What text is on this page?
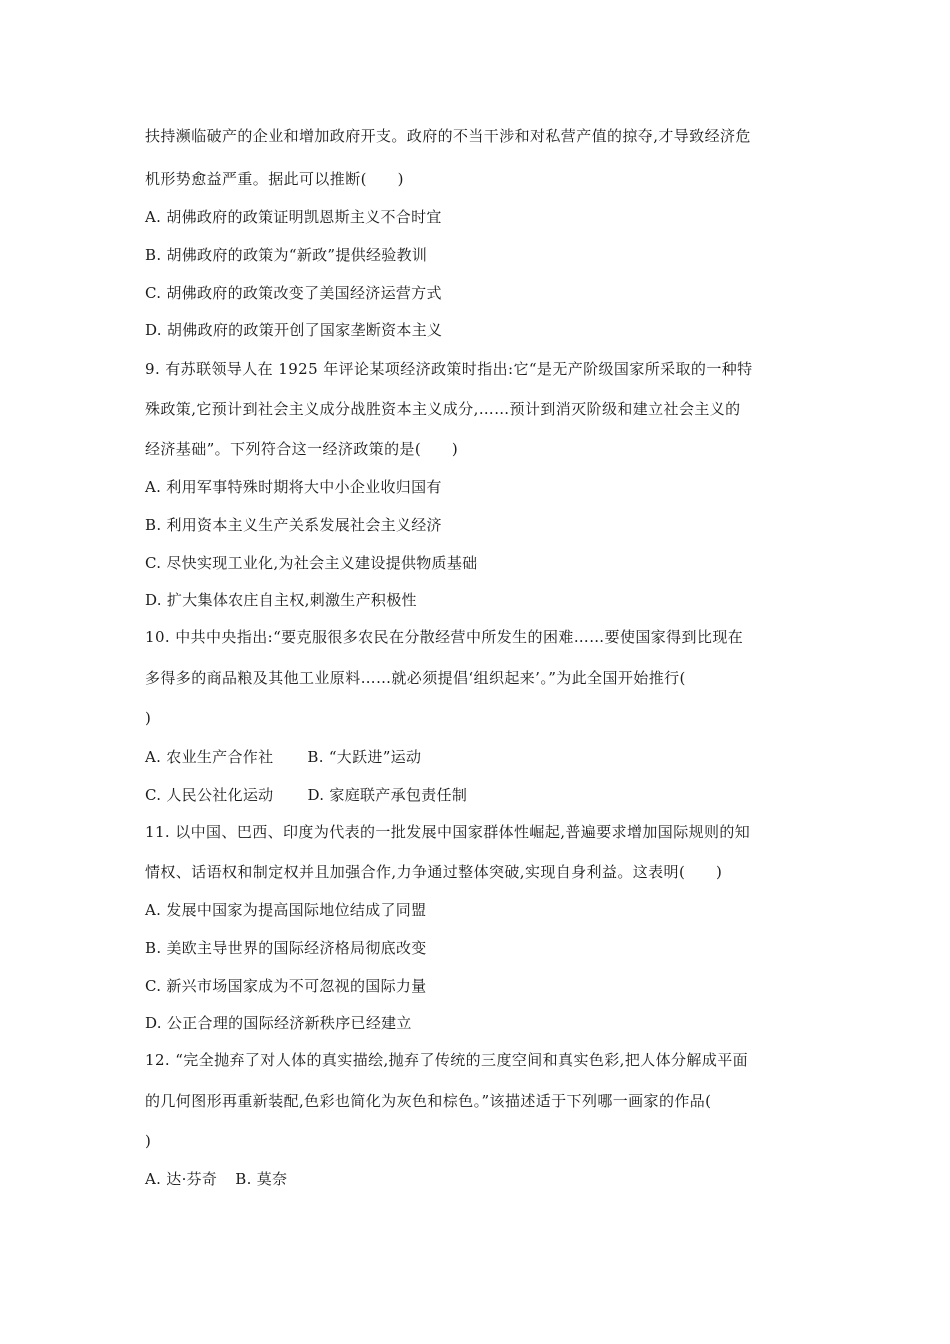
扶持濒临破产的企业和增加政府开支。政府的不当干涉和对私营产值的掠夺,才导致经济危
机形势愈益严重。据此可以推断(　　)
A. 胡佛政府的政策证明凯恩斯主义不合时宜
B. 胡佛政府的政策为“新政”提供经验教训
C. 胡佛政府的政策改变了美国经济运营方式
D. 胡佛政府的政策开创了国家垄断资本主义
9. 有苏联领导人在 1925 年评论某项经济政策时指出:它“是无产阶级国家所采取的一种特
殊政策,它预计到社会主义成分战胜资本主义成分,……预计到消灭阶级和建立社会主义的
经济基础”。下列符合这一经济政策的是(　　)
A. 利用军事特殊时期将大中小企业收归国有
B. 利用资本主义生产关系发展社会主义经济
C. 尽快实现工业化,为社会主义建设提供物质基础
D. 扩大集体农庄自主权,刺激生产积极性
10. 中共中央指出:“要克服很多农民在分散经营中所发生的困难……要使国家得到比现在
多得多的商品粮及其他工业原料……就必须提倡‘组织起来’。”为此全国开始推行(
)
A. 农业生产合作社 B. “大跃进”运动
C. 人民公社化运动 D. 家庭联产承包责任制
11. 以中国、巴西、印度为代表的一批发展中国家群体性崛起,普遍要求增加国际规则的知
情权、话语权和制定权并且加强合作,力争通过整体突破,实现自身利益。这表明(　　)
A. 发展中国家为提高国际地位结成了同盟
B. 美欧主导世界的国际经济格局彻底改变
C. 新兴市场国家成为不可忽视的国际力量
D. 公正合理的国际经济新秩序已经建立
12. “完全抛弃了对人体的真实描绘,抛弃了传统的三度空间和真实色彩,把人体分解成平面
的几何图形再重新装配,色彩也简化为灰色和棕色。”该描述适于下列哪一画家的作品(
)
A. 达·芬奇 B. 莫奈
